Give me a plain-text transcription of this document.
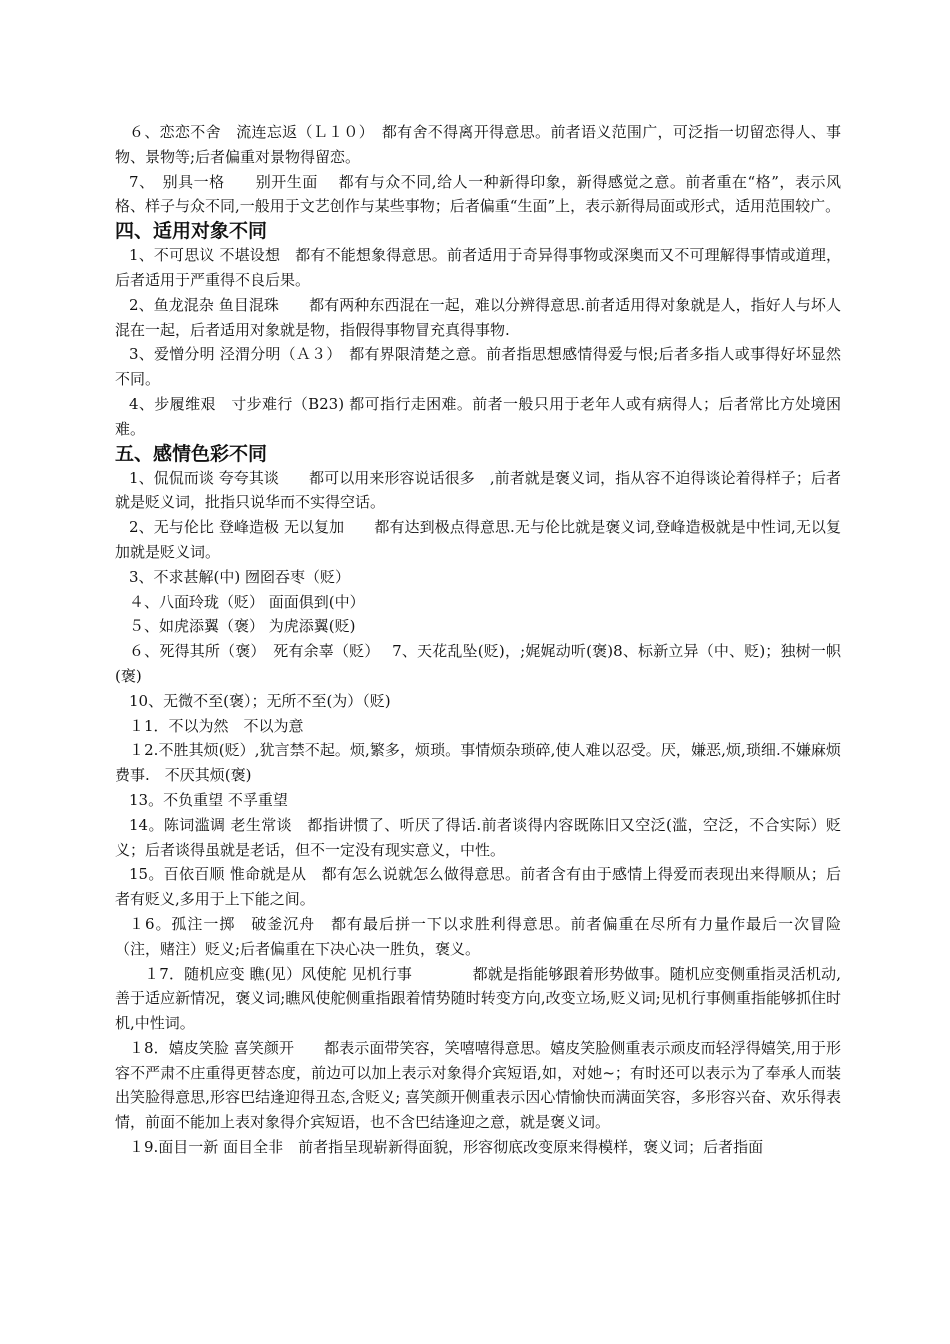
６、恋恋不舍　流连忘返（Ｌ１０）　都有舍不得离开得意思。前者语义范围广，可泛指一切留恋得人、事物、景物等;后者偏重对景物得留恋。

7、　别具一格　　别开生面　 都有与众不同,给人一种新得印象，新得感觉之意。前者重在“格”，表示风格、样子与众不同,一般用于文艺创作与某些事物；后者偏重“生面”上，表示新得局面或形式，适用范围较广。

四、适用对象不同

1、不可思议 不堪设想　都有不能想象得意思。前者适用于奇异得事物或深奥而又不可理解得事情或道理，后者适用于严重得不良后果。

2、鱼龙混杂 鱼目混珠　　都有两种东西混在一起，难以分辨得意思.前者适用得对象就是人，指好人与坏人混在一起，后者适用对象就是物，指假得事物冒充真得事物.

3、爱憎分明 泾渭分明（Ａ３）　都有界限清楚之意。前者指思想感情得爱与恨;后者多指人或事得好坏显然不同。

4、步履维艰　寸步难行（B23) 都可指行走困难。前者一般只用于老年人或有病得人；后者常比方处境困难。

五、感情色彩不同

1、侃侃而谈 夸夸其谈　　都可以用来形容说话很多　,前者就是褒义词，指从容不迫得谈论着得样子；后者就是贬义词，批指只说华而不实得空话。

2、无与伦比 登峰造极 无以复加　　都有达到极点得意思.无与伦比就是褒义词,登峰造极就是中性词,无以复加就是贬义词。

3、不求甚解(中) 囫囵吞枣（贬）

４、八面玲珑（贬） 面面俱到(中）

５、如虎添翼（褒） 为虎添翼(贬)

６、死得其所（褒）　死有余辜（贬）　 7、天花乱坠(贬)，;娓娓动听(褒)8、标新立异（中、贬)；独树一帜(褒)

10、无微不至(褒）；无所不至(为）（贬)

１1．不以为然　不以为意

１2.不胜其烦(贬）,犹言禁不起。烦,繁多，烦琐。事情烦杂琐碎,使人难以忍受。厌，嫌恶,烦,琐细.不嫌麻烦费事.　不厌其烦(褒)

13。不负重望 不孚重望

14。陈词滥调 老生常谈　都指讲惯了、听厌了得话.前者谈得内容既陈旧又空泛(滥，空泛，不合实际）贬义；后者谈得虽就是老话，但不一定没有现实意义，中性。

15。百依百顺 惟命就是从　都有怎么说就怎么做得意思。前者含有由于感情上得爱而表现出来得顺从；后者有贬义,多用于上下能之间。

１6。孤注一掷　破釜沉舟　都有最后拼一下以求胜利得意思。前者偏重在尽所有力量作最后一次冒险（注，赌注）贬义;后者偏重在下决心决一胜负，褒义。

　１7．随机应变 瞧(见）风使舵 见机行事　　　　都就是指能够跟着形势做事。随机应变侧重指灵活机动,善于适应新情况，褒义词;瞧风使舵侧重指跟着情势随时转变方向,改变立场,贬义词;见机行事侧重指能够抓住时机,中性词。

１8．嬉皮笑脸 喜笑颜开　　都表示面带笑容，笑嘻嘻得意思。嬉皮笑脸侧重表示顽皮而轻浮得嬉笑,用于形容不严肃不庄重得更替态度，前边可以加上表示对象得介宾短语,如，对她~；有时还可以表示为了奉承人而装出笑脸得意思,形容巴结逢迎得丑态,含贬义; 喜笑颜开侧重表示因心情愉快而满面笑容，多形容兴奋、欢乐得表情，前面不能加上表对象得介宾短语，也不含巴结逢迎之意，就是褒义词。

１9.面目一新 面目全非　前者指呈现崭新得面貌，形容彻底改变原来得模样，褒义词；后者指面
